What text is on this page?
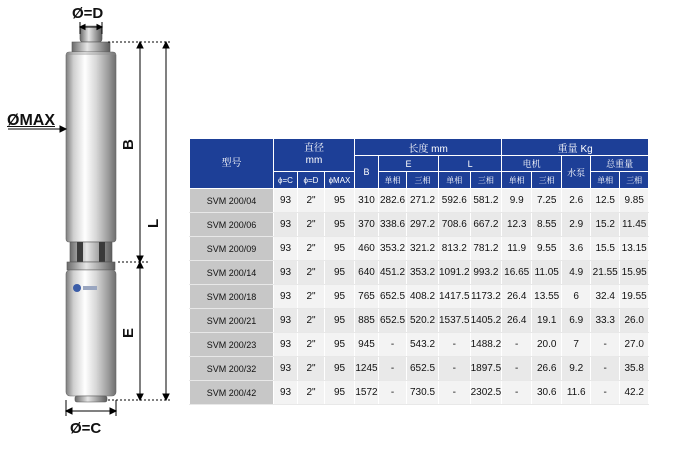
Ø=D
ØMAX
B
L
E
Ø=C
型号	直径
mm			长度 mm					重量 Kg				
				B	E		L		电机		水泵	总重量	
	ϕ=C	ϕ=D	ϕMAX		单相	三相	单相	三相	单相	三相		单相	三相
SVM 200/04	93	2"	95	310	282.6	271.2	592.6	581.2	9.9	7.25	2.6	12.5	9.85
SVM 200/06	93	2"	95	370	338.6	297.2	708.6	667.2	12.3	8.55	2.9	15.2	11.45
SVM 200/09	93	2"	95	460	353.2	321.2	813.2	781.2	11.9	9.55	3.6	15.5	13.15
SVM 200/14	93	2"	95	640	451.2	353.2	1091.2	993.2	16.65	11.05	4.9	21.55	15.95
SVM 200/18	93	2"	95	765	652.5	408.2	1417.5	1173.2	26.4	13.55	6	32.4	19.55
SVM 200/21	93	2"	95	885	652.5	520.2	1537.5	1405.2	26.4	19.1	6.9	33.3	26.0
SVM 200/23	93	2"	95	945	-	543.2	-	1488.2	-	20.0	7	-	27.0
SVM 200/32	93	2"	95	1245	-	652.5	-	1897.5	-	26.6	9.2	-	35.8
SVM 200/42	93	2"	95	1572	-	730.5	-	2302.5	-	30.6	11.6	-	42.2
